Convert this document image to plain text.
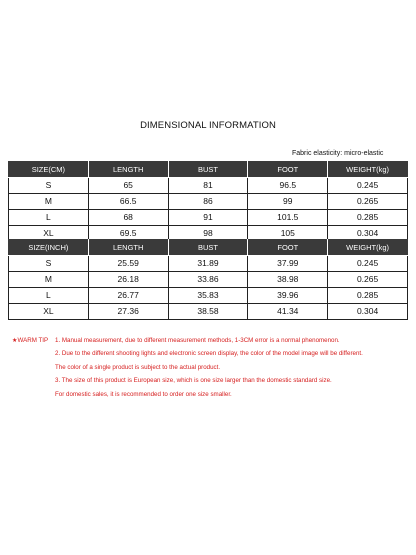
DIMENSIONAL INFORMATION
Fabric elasticity: micro-elastic
SIZE(CM)	LENGTH	BUST	FOOT	WEIGHT(kg)
S	65	81	96.5	0.245
M	66.5	86	99	0.265
L	68	91	101.5	0.285
XL	69.5	98	105	0.304
SIZE(INCH)	LENGTH	BUST	FOOT	WEIGHT(kg)
S	25.59	31.89	37.99	0.245
M	26.18	33.86	38.98	0.265
L	26.77	35.83	39.96	0.285
XL	27.36	38.58	41.34	0.304
★WARM TIP 1. Manual measurement, due to different measurement methods, 1-3CM error is a normal phenomenon.
2. Due to the different shooting lights and electronic screen display, the color of the model image will be different.
The color of a single product is subject to the actual product.
3. The size of this product is European size, which is one size larger than the domestic standard size.
For domestic sales, it is recommended to order one size smaller.
